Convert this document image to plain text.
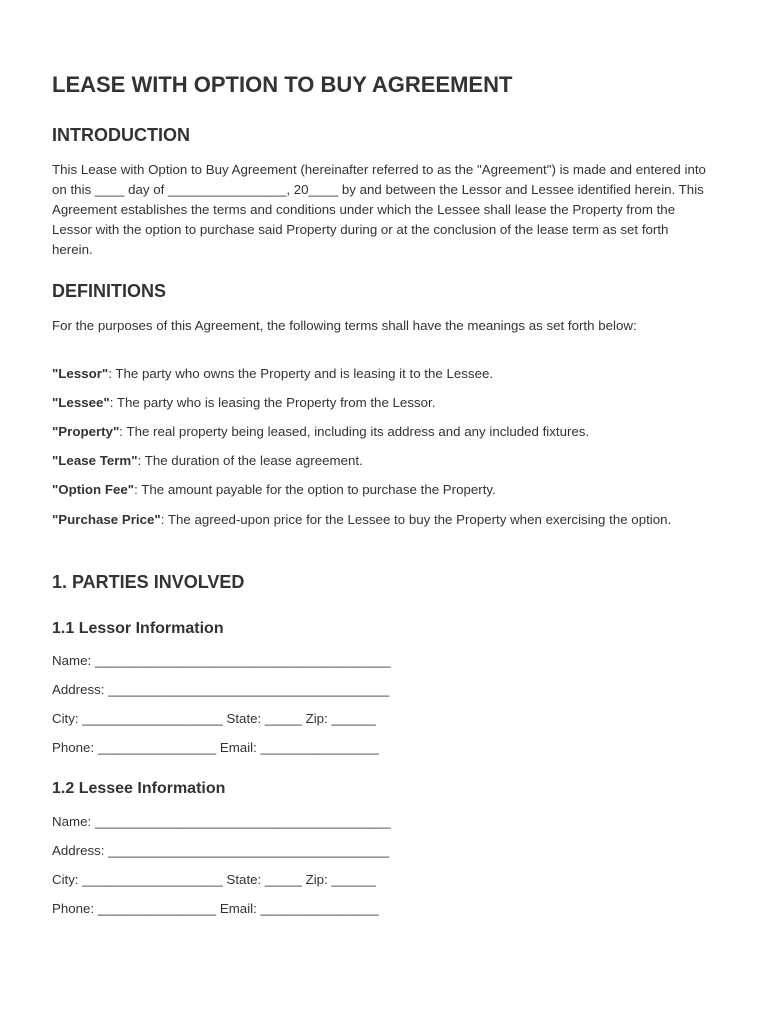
LEASE WITH OPTION TO BUY AGREEMENT
INTRODUCTION

This Lease with Option to Buy Agreement (hereinafter referred to as the "Agreement") is made and entered into on this ____ day of ________________, 20____ by and between the Lessor and Lessee identified herein. This Agreement establishes the terms and conditions under which the Lessee shall lease the Property from the Lessor with the option to purchase said Property during or at the conclusion of the lease term as set forth herein.

DEFINITIONS

For the purposes of this Agreement, the following terms shall have the meanings as set forth below:

"Lessor": The party who owns the Property and is leasing it to the Lessee.

"Lessee": The party who is leasing the Property from the Lessor.

"Property": The real property being leased, including its address and any included fixtures.

"Lease Term": The duration of the lease agreement.

"Option Fee": The amount payable for the option to purchase the Property.

"Purchase Price": The agreed-upon price for the Lessee to buy the Property when exercising the option.

1. PARTIES INVOLVED
1.1 Lessor Information

Name: ________________________________________

Address: ______________________________________

City: ___________________ State: _____ Zip: ______

Phone: ________________ Email: ________________

1.2 Lessee Information

Name: ________________________________________

Address: ______________________________________

City: ___________________ State: _____ Zip: ______

Phone: ________________ Email: ________________
